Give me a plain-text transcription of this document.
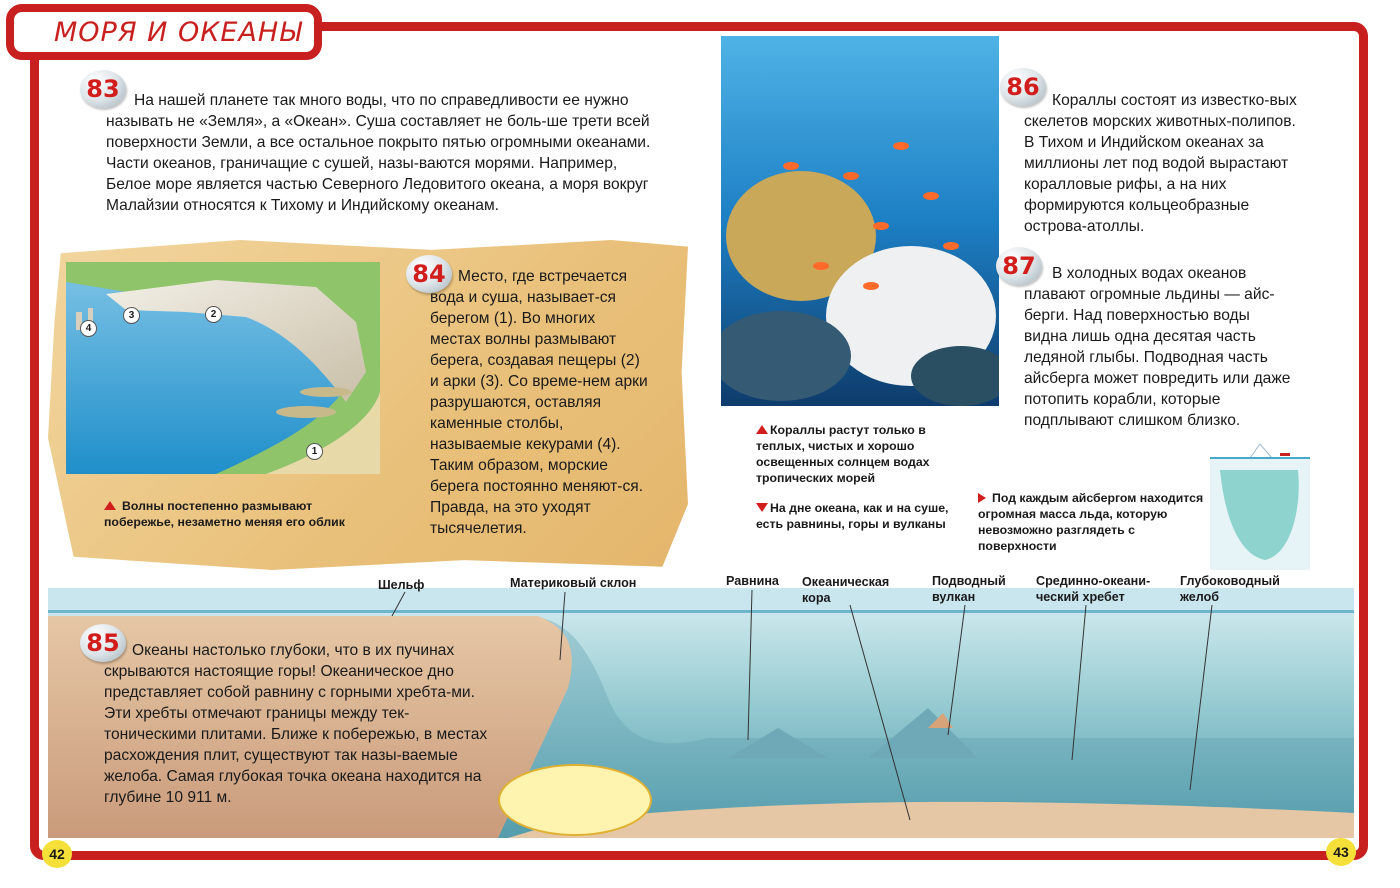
МОРЯ И ОКЕАНЫ
83 На нашей планете так много воды, что по справедливости ее нужно называть не «Земля», а «Океан». Суша составляет не боль-ше трети всей поверхности Земли, а все остальное покрыто пятью огромными океанами. Части океанов, граничащие с сушей, назы-ваются морями. Например, Белое море является частью Северного Ледовитого океана, а моря вокруг Малайзии относятся к Тихому и Индийскому океанам.
4
3	2
1
Волны постепенно размывают побережье, незаметно меняя его облик
84 Место, где встречается вода и суша, называет-ся берегом (1). Во многих местах волны размывают берега, создавая пещеры (2) и арки (3). Со време-нем арки разрушаются, оставляя каменные столбы, называемые кекурами (4). Таким образом, морские берега постоянно меняют-ся. Правда, на это уходят тысячелетия.
Кораллы растут только в теплых, чистых и хорошо освещенных солнцем водах тропических морей
На дне океана, как и на суше, есть равнины, горы и вулканы
86 Кораллы состоят из известко-вых скелетов морских животных-полипов. В Тихом и Индийском океанах за миллионы лет под водой вырастают коралловые рифы, а на них формируются кольцеобразные острова-атоллы.
87	В холодных водах океанов плавают огромные льдины — айс-берги. Над поверхностью воды видна лишь одна десятая часть ледяной глыбы. Подводная часть айсберга может повредить или даже потопить корабли, которые подплывают слишком близко.
Под каждым айсбергом находится огромная масса льда, которую невозможно разглядеть с поверхности
Шельф	Материковый склон	Равнина Океаническая кора
Подводный вулкан
Срединно-океани-ческий хребет
Глубоководный желоб
85 Океаны настолько глубоки, что в их пучинах скрываются настоящие горы! Океаническое дно представляет собой равнину с горными хребта-ми. Эти хребты отмечают границы между тек-тоническими плитами. Ближе к побережью, в местах расхождения плит, существуют так назы-ваемые желоба. Самая глубокая точка океана находится на глубине 10 911 м.
42	43
